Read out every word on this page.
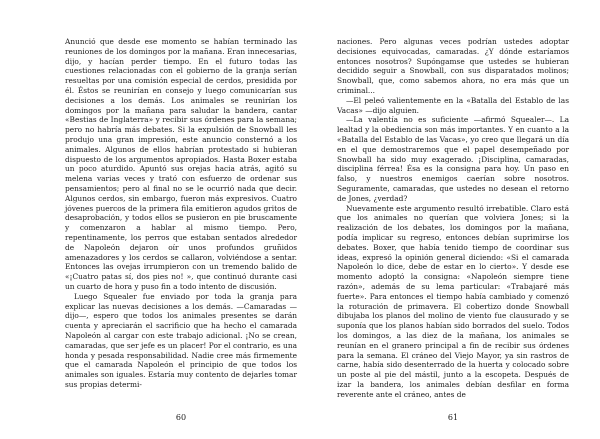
Anunció que desde ese momento se habían terminado las reuniones de los domingos por la mañana. Eran innecesarias, dijo, y hacían perder tiempo. En el futuro todas las cuestiones relacionadas con el gobierno de la granja serían resueltas por una comisión especial de cerdos, presidida por él. Éstos se reunirían en consejo y luego comunicarían sus decisiones a los demás. Los animales se reunirían los domingos por la mañana para saludar la bandera, cantar «Bestias de Inglaterra» y recibir sus órdenes para la semana; pero no habría más debates. Si la expulsión de Snowball les produjo una gran impresión, este anuncio consternó a los animales. Algunos de ellos habrían protestado si hubieran dispuesto de los argumentos apropiados. Hasta Boxer estaba un poco aturdido. Apuntó sus orejas hacia atrás, agitó su melena varias veces y trató con esfuerzo de ordenar sus pensamientos; pero al final no se le ocurrió nada que decir. Algunos cerdos, sin embargo, fueron más expresivos. Cuatro jóvenes puercos de la primera fila emitieron agudos gritos de desaprobación, y todos ellos se pusieron en pie bruscamente y comenzaron a hablar al mismo tiempo. Pero, repentinamente, los perros que estaban sentados alrededor de Napoleón dejaron oír unos profundos gruñidos amenazadores y los cerdos se callaron, volviéndose a sentar. Entonces las ovejas irrumpieron con un tremendo balido de «¡Cuatro patas sí, dos pies no! », que continuó durante casi un cuarto de hora y puso fin a todo intento de discusión.

Luego Squealer fue enviado por toda la granja para explicar las nuevas decisiones a los demás. —Camaradas —dijo—, espero que todos los animales presentes se darán cuenta y apreciarán el sacrificio que ha hecho el camarada Napoleón al cargar con este trabajo adicional. ¡No se crean, camaradas, que ser jefe es un placer! Por el contrario, es una honda y pesada responsabilidad. Nadie cree más firmemente que el camarada Napoleón el principio de que todos los animales son iguales. Estaría muy contento de dejarles tomar sus propias determi-

naciones. Pero algunas veces podrían ustedes adoptar decisiones equivocadas, camaradas. ¿Y dónde estaríamos entonces nosotros? Supóngamse que ustedes se hubieran decidido seguir a Snowball, con sus disparatados molinos; Snowball, que, como sabemos ahora, no era más que un criminal...

—El peleó valientemente en la «Batalla del Establo de las Vacas» —dijo alguien.

—La valentía no es suficiente —afirmó Squealer—. La lealtad y la obediencia son más importantes. Y en cuanto a la «Batalla del Establo de las Vacas», yo creo que llegará un día en el que demostraremos que el papel desempeñado por Snowball ha sido muy exagerado. ¡Disciplina, camaradas, disciplina férrea! Ésa es la consigna para hoy. Un paso en falso, y nuestros enemigos caerían sobre nosotros. Seguramente, camaradas, que ustedes no desean el retorno de Jones, ¿verdad?

Nuevamente este argumento resultó irrebatible. Claro está que los animales no querían que volviera Jones; si la realización de los debates, los domingos por la mañana, podía implicar su regreso, entonces debían suprimirse los debates. Boxer, que había tenido tiempo de coordinar sus ideas, expresó la opinión general diciendo: «Si el camarada Napoleón lo dice, debe de estar en lo cierto». Y desde ese momento adoptó la consigna: «Napoleón siempre tiene razón», además de su lema particular: «Trabajaré más fuerte». Para entonces el tiempo había cambiado y comenzó la roturación de primavera. El cobertizo donde Snowball dibujaba los planos del molino de viento fue clausurado y se suponía que los planos habían sido borrados del suelo. Todos los domingos, a las diez de la mañana, los animales se reunían en el granero principal a fin de recibir sus órdenes para la semana. El cráneo del Viejo Mayor, ya sin rastros de carne, había sido desenterrado de la huerta y colocado sobre un poste al pie del mástil, junto a la escopeta. Después de izar la bandera, los animales debían desfilar en forma reverente ante el cráneo, antes de

60	61
